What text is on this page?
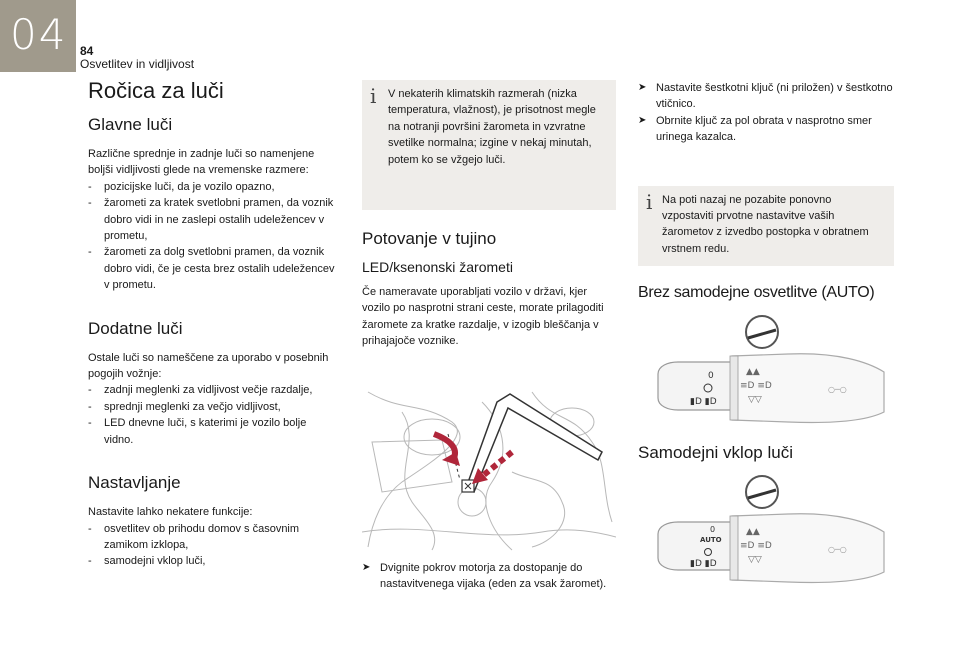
04 84
Osvetlitev in vidljivost
Ročica za luči
Glavne luči

Različne sprednje in zadnje luči so namenjene boljši vidljivosti glede na vremenske razmere:

- pozicijske luči, da je vozilo opazno,
- žarometi za kratek svetlobni pramen, da voznik dobro vidi in ne zaslepi ostalih udeležencev v prometu,
- žarometi za dolg svetlobni pramen, da voznik dobro vidi, če je cesta brez ostalih udeležencev v prometu.
Dodatne luči

Ostale luči so nameščene za uporabo v posebnih pogojih vožnje:

- zadnji meglenki za vidljivost večje razdalje,
- sprednji meglenki za večjo vidljivost,
- LED dnevne luči, s katerimi je vozilo bolje vidno.
Nastavljanje

Nastavite lahko nekatere funkcije:

- osvetlitev ob prihodu domov s časovnim zamikom izklopa,
- samodejni vklop luči,
i V nekaterih klimatskih razmerah (nizka temperatura, vlažnost), je prisotnost megle na notranji površini žarometa in vzvratne svetilke normalna; izgine v nekaj minutah, potem ko se vžgejo luči.

Potovanje v tujino
LED/ksenonski žarometi

Če nameravate uporabljati vozilo v državi, kjer vozilo po nasprotni strani ceste, morate prilagoditi žaromete za kratke razdalje, v izogib bleščanja v prihajajoče voznike.

➤ Dvignite pokrov motorja za dostopanje do nastavitvenega vijaka (eden za vsak žaromet).

➤ Nastavite šestkotni ključ (ni priložen) v šestkotno vtičnico.

➤ Obrnite ključ za pol obrata v nasprotno smer urinega kazalca.

i Na poti nazaj ne pozabite ponovno vzpostaviti prvotne nastavitve vaših žarometov z izvedbo postopka v obratnem vrstnem redu.

Brez samodejne osvetlitve (AUTO)
0
▮D ▮D
▲▲
≡D ≡D
▽▽
○─○
Samodejni vklop luči
0
AUTO
▮D ▮D
▲▲
≡D ≡D
▽▽
○─○
